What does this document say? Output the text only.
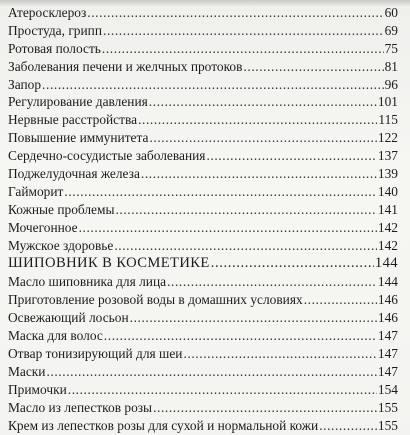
Атеросклероз .....	60
Простуда, грипп .....	69
Ротовая полость .....	75
Заболевания печени и желчных протоков .....	81
Запор .....	96
Регулирование давления .....	101
Нервные расстройства .....	115
Повышение иммунитета .....	122
Сердечно-сосудистые заболевания .....	137
Поджелудочная железа .....	139
Гайморит .....	140
Кожные проблемы .....	141
Мочегонное .....	142
Мужское здоровье .....	142
ШИПОВНИК В КОСМЕТИКЕ .....	144
Масло шиповника для лица .....	144
Приготовление розовой воды в домашних условиях .....	146
Освежающий лосьон .....	146
Маска для волос .....	147
Отвар тонизирующий для шеи .....	147
Маски .....	147
Примочки .....	154
Масло из лепестков розы .....	155
Крем из лепестков розы для сухой и нормальной кожи .....	155
